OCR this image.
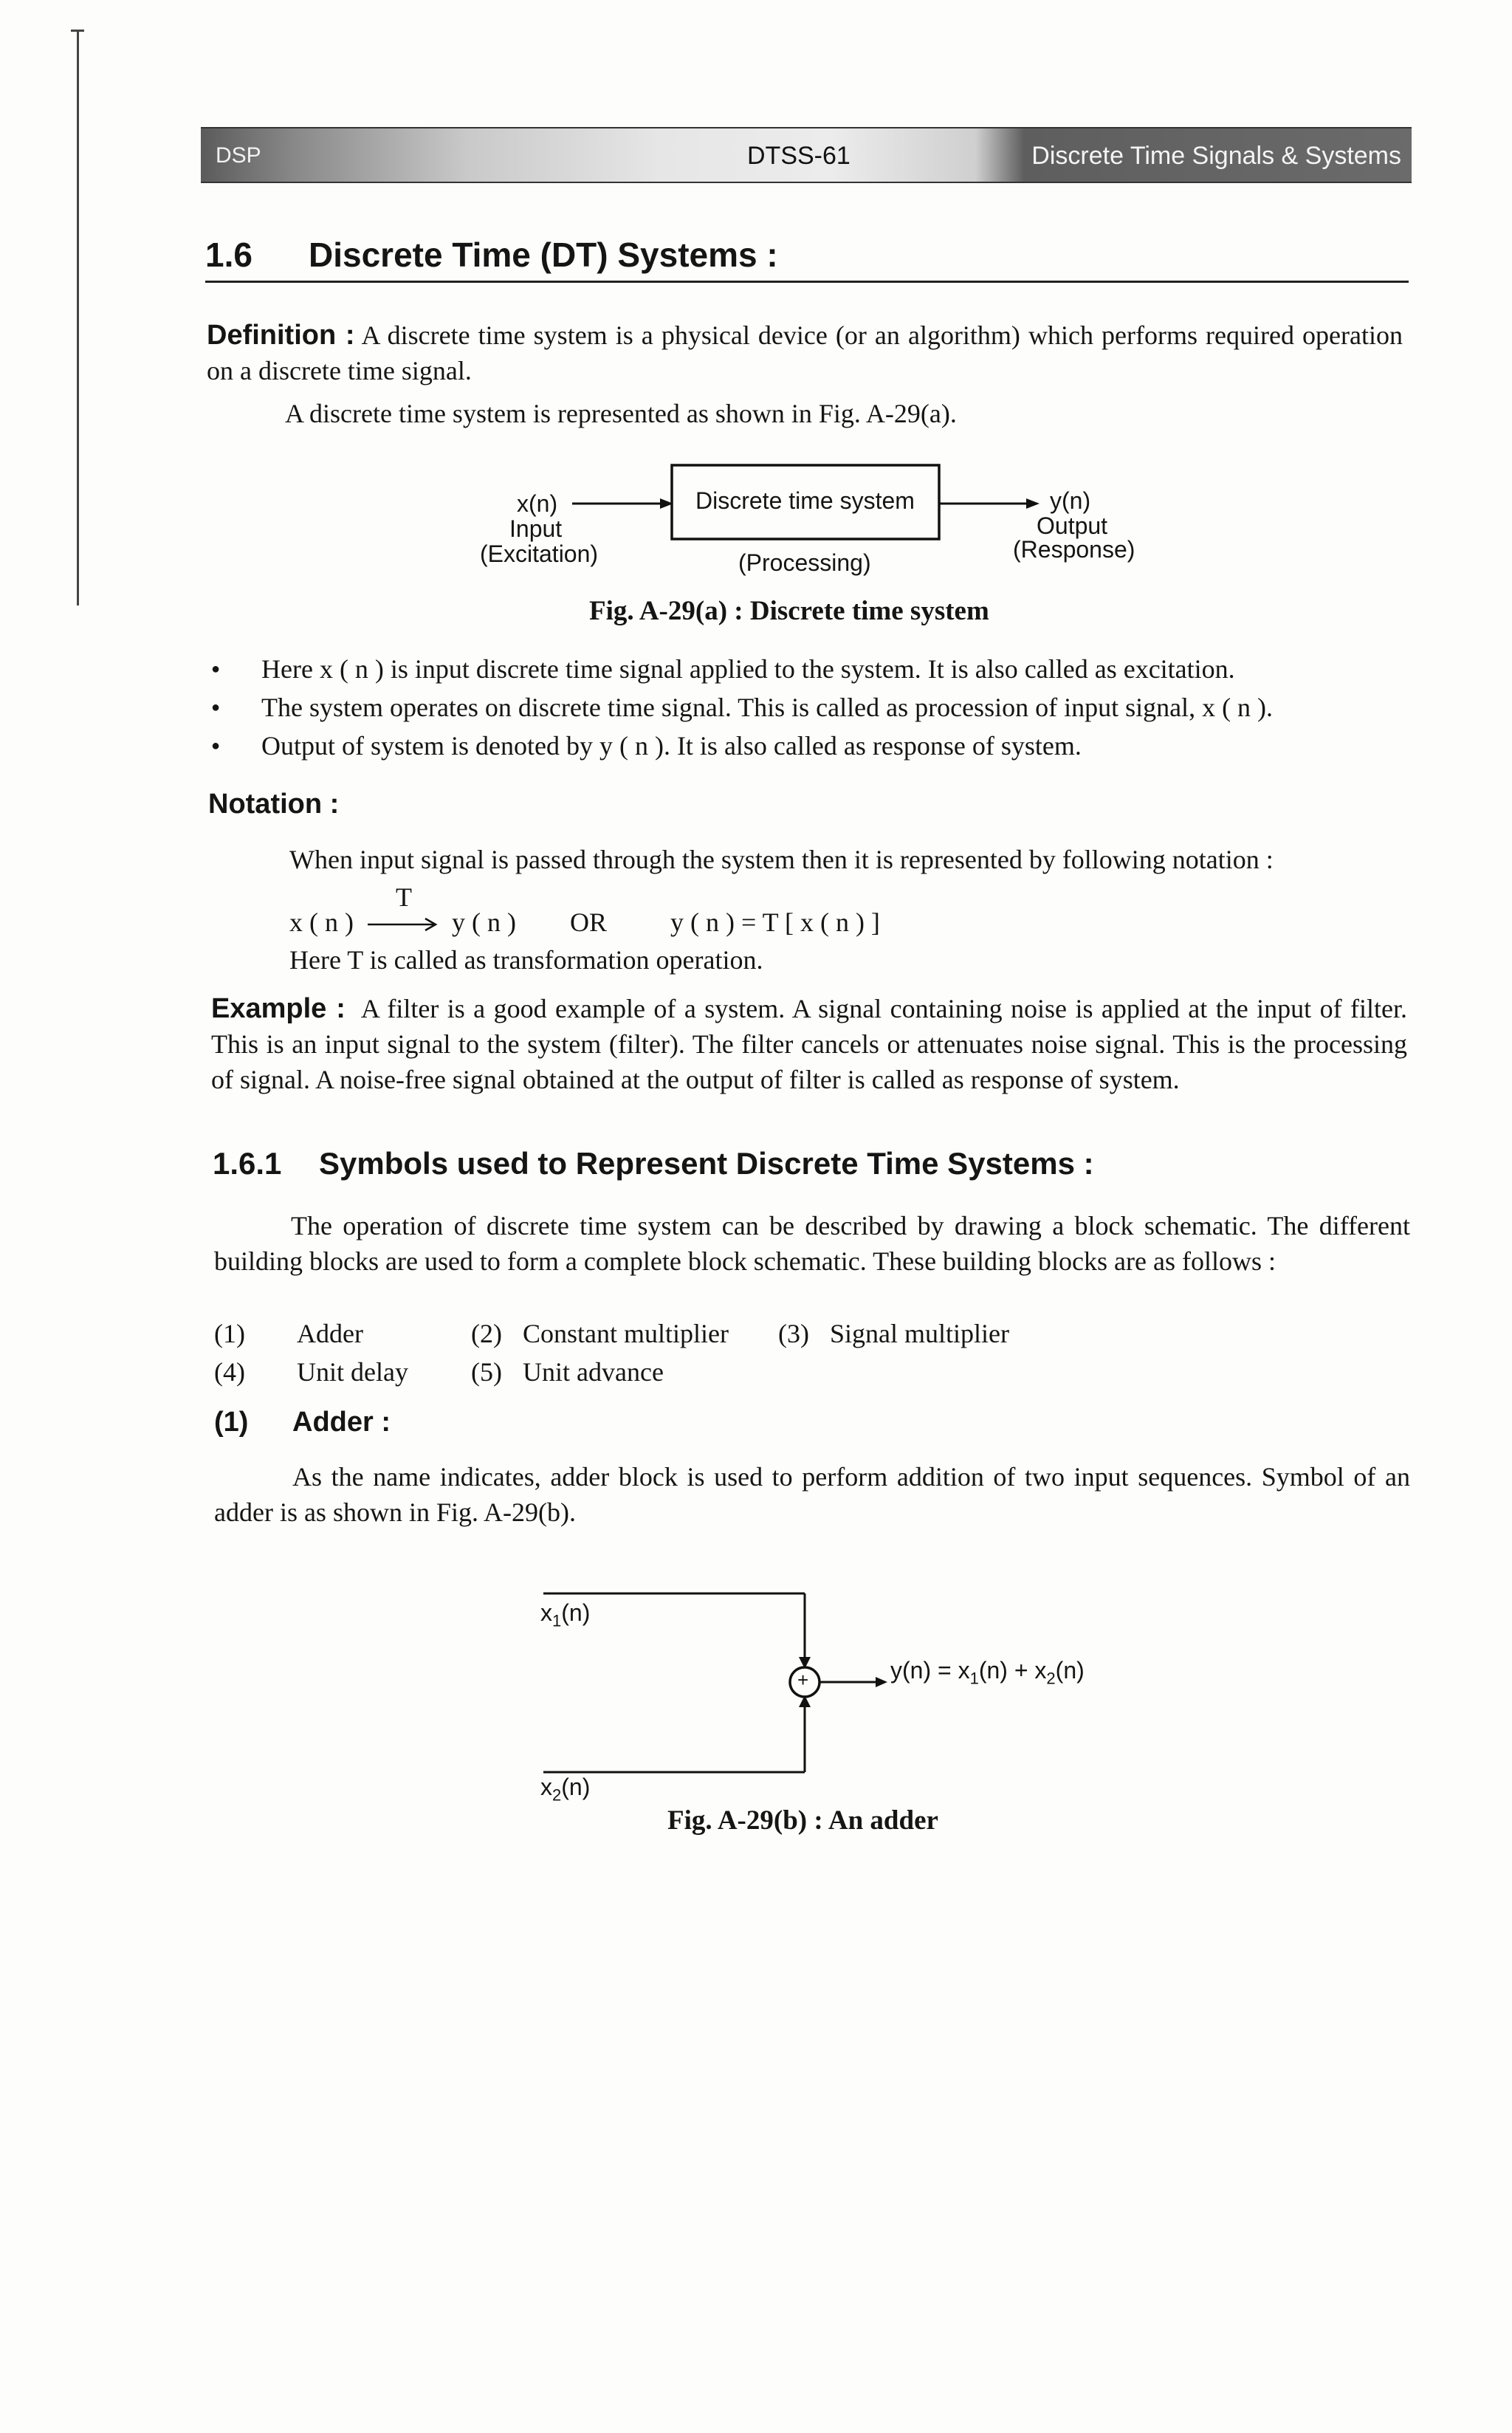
DSP	DTSS-61	Discrete Time Signals & Systems
1.6 Discrete Time (DT) Systems :
Definition : A discrete time system is a physical device (or an algorithm) which performs required operation on a discrete time signal.
A discrete time system is represented as shown in Fig. A-29(a).
x(n)
Input
(Excitation)
Discrete time system
(Processing)
y(n)
Output
(Response)
Fig. A-29(a) : Discrete time system
● Here x ( n ) is input discrete time signal applied to the system. It is also called as excitation.
● The system operates on discrete time signal. This is called as procession of input signal, x ( n ).
● Output of system is denoted by y ( n ). It is also called as response of system.
Notation :
When input signal is passed through the system then it is represented by following notation :
T
x ( n )	y ( n ) OR y ( n ) = T [ x ( n ) ]
Here T is called as transformation operation.
Example : A filter is a good example of a system. A signal containing noise is applied at the input of filter. This is an input signal to the system (filter). The filter cancels or attenuates noise signal. This is the processing of signal. A noise-free signal obtained at the output of filter is called as response of system.
1.6.1 Symbols used to Represent Discrete Time Systems :
The operation of discrete time system can be described by drawing a block schematic. The different building blocks are used to form a complete block schematic. These building blocks are as follows :
(1) Adder	(2) Constant multiplier (3) Signal multiplier
(4) Unit delay (5) Unit advance
(1) Adder :
As the name indicates, adder block is used to perform addition of two input sequences. Symbol of an adder is as shown in Fig. A-29(b).
+
$x_1(n)$
$x_2(n)$
$y(n) = x_1(n) + x_2(n)$
Fig. A-29(b) : An adder
